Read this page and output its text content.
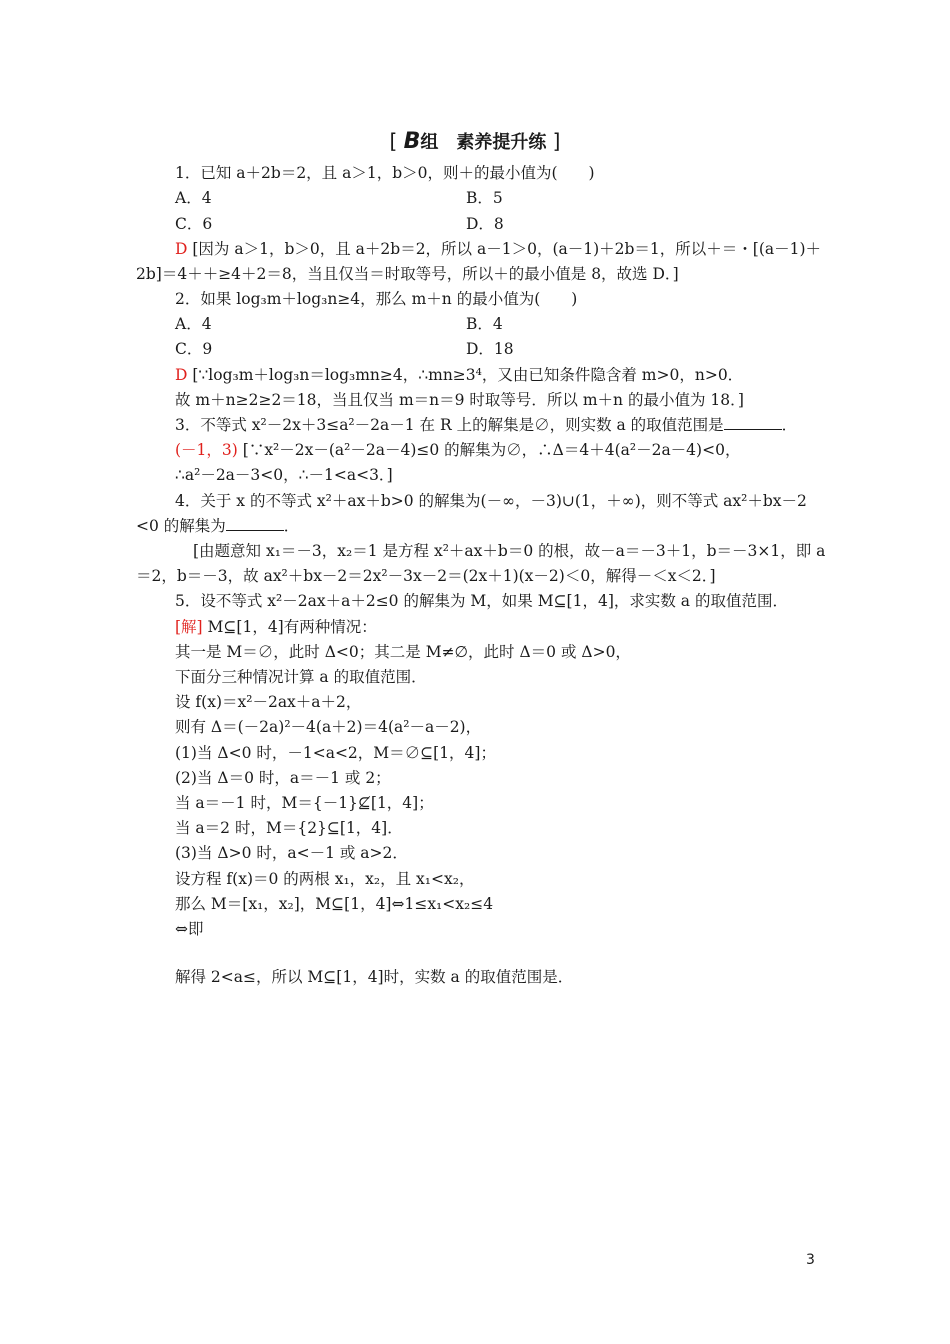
[ B组　素养提升练 ]
1．已知 a＋2b＝2，且 a＞1，b＞0，则＋的最小值为(　　)
A．4	B．5
C．6	D．8
D [因为 a＞1，b＞0，且 a＋2b＝2，所以 a－1＞0，(a－1)＋2b＝1，所以＋＝・[(a－1)＋
2b]＝4＋＋≥4＋2＝8，当且仅当＝时取等号，所以＋的最小值是 8，故选 D．]
2．如果 log₃m＋log₃n≥4，那么 m＋n 的最小值为(　　)
A．4	B．4
C．9	D．18
D [∵log₃m＋log₃n＝log₃mn≥4，∴mn≥3⁴，又由已知条件隐含着 m>0，n>0．
故 m＋n≥2≥2＝18，当且仅当 m＝n＝9 时取等号．所以 m＋n 的最小值为 18．]
3．不等式 x²－2x＋3≤a²－2a－1 在 R 上的解集是∅，则实数 a 的取值范围是	．
(－1，3) [∵x²－2x－(a²－2a－4)≤0 的解集为∅，∴Δ＝4＋4(a²－2a－4)<0，
∴a²－2a－3<0，∴－1<a<3．]
4．关于 x 的不等式 x²＋ax＋b>0 的解集为(－∞，－3)∪(1，＋∞)，则不等式 ax²＋bx－2
<0 的解集为	．
[由题意知 x₁＝－3，x₂＝1 是方程 x²＋ax＋b＝0 的根，故－a＝－3＋1，b＝－3×1，即 a
＝2，b＝－3，故 ax²＋bx－2＝2x²－3x－2＝(2x＋1)(x－2)＜0，解得－＜x＜2．]
5．设不等式 x²－2ax＋a＋2≤0 的解集为 M，如果 M⊆[1，4]，求实数 a 的取值范围．
[解] M⊆[1，4]有两种情况：
其一是 M＝∅，此时 Δ<0；其二是 M≠∅，此时 Δ＝0 或 Δ>0，
下面分三种情况计算 a 的取值范围．
设 f(x)＝x²－2ax＋a＋2，
则有 Δ＝(－2a)²－4(a＋2)＝4(a²－a－2)，
(1)当 Δ<0 时，－1<a<2，M＝∅⊆[1，4]；
(2)当 Δ＝0 时，a＝－1 或 2；
当 a＝－1 时，M＝{－1}⊈[1，4]；
当 a＝2 时，M＝{2}⊆[1，4]．
(3)当 Δ>0 时，a<－1 或 a>2．
设方程 f(x)＝0 的两根 x₁，x₂，且 x₁<x₂，
那么 M＝[x₁，x₂]，M⊆[1，4]⇔1≤x₁<x₂≤4
⇔即
解得 2<a≤，所以 M⊆[1，4]时，实数 a 的取值范围是．
3
